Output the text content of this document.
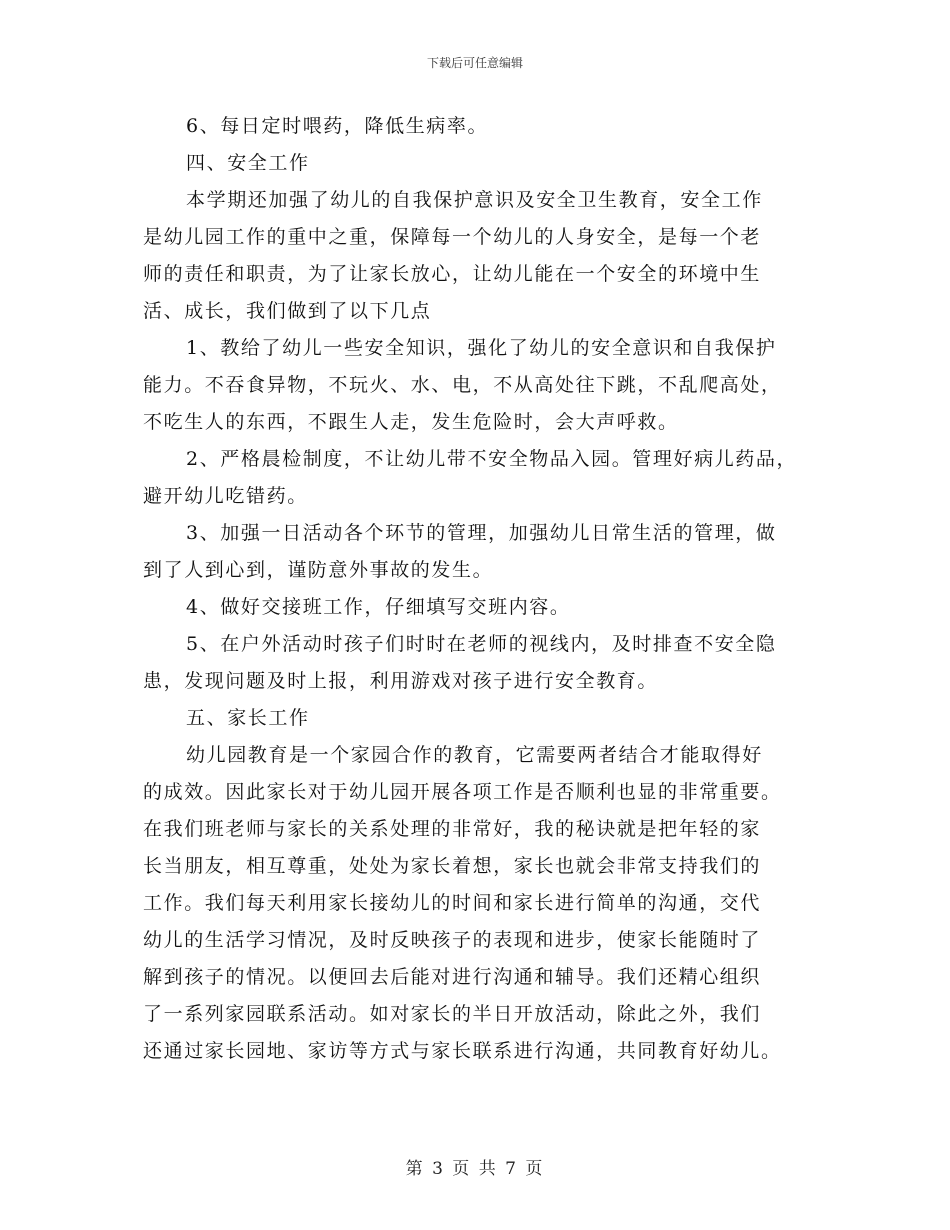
下载后可任意编辑
6、每日定时喂药，降低生病率。
四、安全工作
本学期还加强了幼儿的自我保护意识及安全卫生教育，安全工作
是幼儿园工作的重中之重，保障每一个幼儿的人身安全，是每一个老
师的责任和职责，为了让家长放心，让幼儿能在一个安全的环境中生
活、成长，我们做到了以下几点
1、教给了幼儿一些安全知识，强化了幼儿的安全意识和自我保护
能力。不吞食异物，不玩火、水、电，不从高处往下跳，不乱爬高处，
不吃生人的东西，不跟生人走，发生危险时，会大声呼救。
2、严格晨检制度，不让幼儿带不安全物品入园。管理好病儿药品，
避开幼儿吃错药。
3、加强一日活动各个环节的管理，加强幼儿日常生活的管理，做
到了人到心到，谨防意外事故的发生。
4、做好交接班工作，仔细填写交班内容。
5、在户外活动时孩子们时时在老师的视线内，及时排查不安全隐
患，发现问题及时上报，利用游戏对孩子进行安全教育。
五、家长工作
幼儿园教育是一个家园合作的教育，它需要两者结合才能取得好
的成效。因此家长对于幼儿园开展各项工作是否顺利也显的非常重要。
在我们班老师与家长的关系处理的非常好，我的秘诀就是把年轻的家
长当朋友，相互尊重，处处为家长着想，家长也就会非常支持我们的
工作。我们每天利用家长接幼儿的时间和家长进行简单的沟通，交代
幼儿的生活学习情况，及时反映孩子的表现和进步，使家长能随时了
解到孩子的情况。以便回去后能对进行沟通和辅导。我们还精心组织
了一系列家园联系活动。如对家长的半日开放活动，除此之外，我们
还通过家长园地、家访等方式与家长联系进行沟通，共同教育好幼儿。
第 3 页 共 7 页
